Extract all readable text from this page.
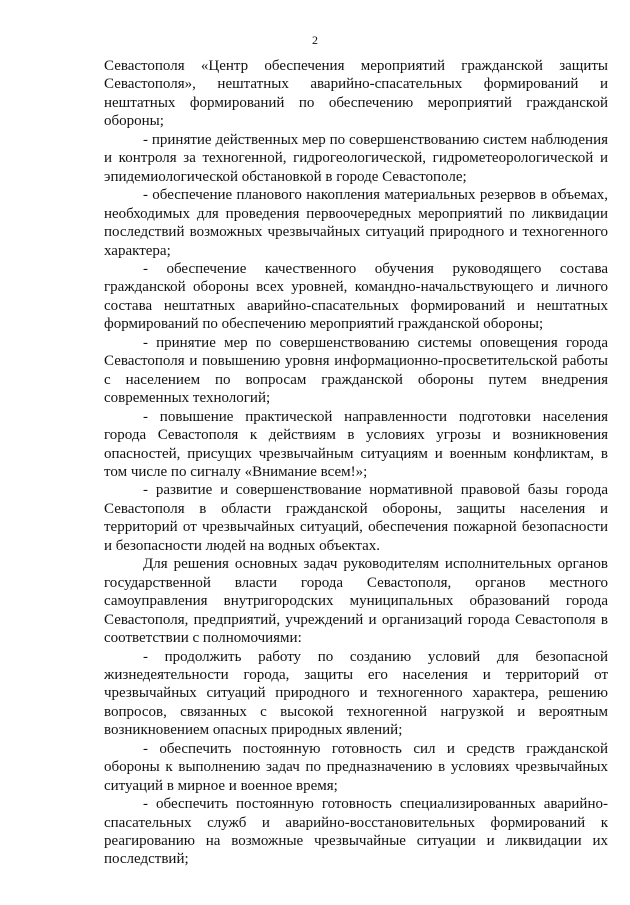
2

Севастополя «Центр обеспечения мероприятий гражданской защиты Севастополя», нештатных аварийно-спасательных формирований и нештатных формирований по обеспечению мероприятий гражданской обороны;

- принятие действенных мер по совершенствованию систем наблюдения и контроля за техногенной, гидрогеологической, гидрометеорологической и эпидемиологической обстановкой в городе Севастополе;

- обеспечение планового накопления материальных резервов в объемах, необходимых для проведения первоочередных мероприятий по ликвидации последствий возможных чрезвычайных ситуаций природного и техногенного характера;

- обеспечение качественного обучения руководящего состава гражданской обороны всех уровней, командно-начальствующего и личного состава нештатных аварийно-спасательных формирований и нештатных формирований по обеспечению мероприятий гражданской обороны;

- принятие мер по совершенствованию системы оповещения города Севастополя и повышению уровня информационно-просветительской работы с населением по вопросам гражданской обороны путем внедрения современных технологий;

- повышение практической направленности подготовки населения города Севастополя к действиям в условиях угрозы и возникновения опасностей, присущих чрезвычайным ситуациям и военным конфликтам, в том числе по сигналу «Внимание всем!»;

- развитие и совершенствование нормативной правовой базы города Севастополя в области гражданской обороны, защиты населения и территорий от чрезвычайных ситуаций, обеспечения пожарной безопасности и безопасности людей на водных объектах.

Для решения основных задач руководителям исполнительных органов государственной власти города Севастополя, органов местного самоуправления внутригородских муниципальных образований города Севастополя, предприятий, учреждений и организаций города Севастополя в соответствии с полномочиями:

- продолжить работу по созданию условий для безопасной жизнедеятельности города, защиты его населения и территорий от чрезвычайных ситуаций природного и техногенного характера, решению вопросов, связанных с высокой техногенной нагрузкой и вероятным возникновением опасных природных явлений;

- обеспечить постоянную готовность сил и средств гражданской обороны к выполнению задач по предназначению в условиях чрезвычайных ситуаций в мирное и военное время;

- обеспечить постоянную готовность специализированных аварийно-спасательных служб и аварийно-восстановительных формирований к реагированию на возможные чрезвычайные ситуации и ликвидации их последствий;
